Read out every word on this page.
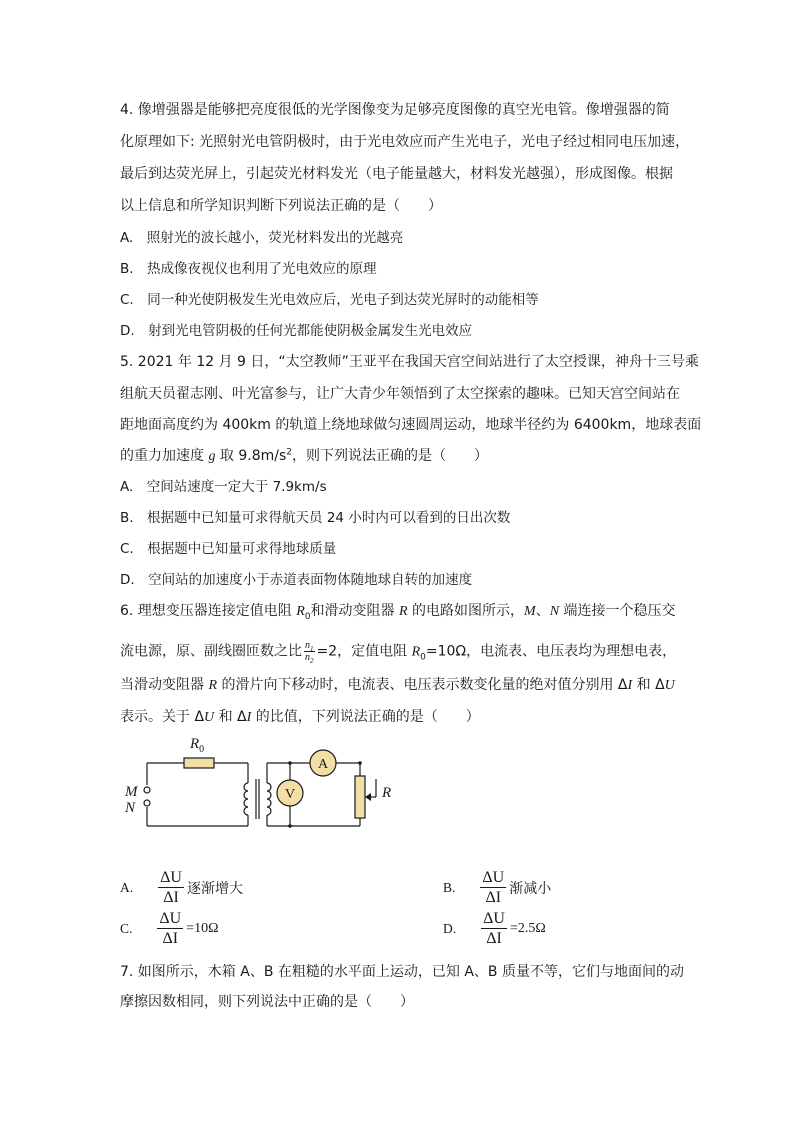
4. 像增强器是能够把亮度很低的光学图像变为足够亮度图像的真空光电管。像增强器的简

化原理如下: 光照射光电管阴极时，由于光电效应而产生光电子，光电子经过相同电压加速，

最后到达荧光屏上，引起荧光材料发光（电子能量越大，材料发光越强），形成图像。根据

以上信息和所学知识判断下列说法正确的是（　　）

A.　照射光的波长越小，荧光材料发出的光越亮

B.　热成像夜视仪也利用了光电效应的原理

C.　同一种光使阴极发生光电效应后，光电子到达荧光屏时的动能相等

D.　射到光电管阴极的任何光都能使阴极金属发生光电效应

5. 2021 年 12 月 9 日，“太空教师”王亚平在我国天宫空间站进行了太空授课，神舟十三号乘

组航天员翟志刚、叶光富参与，让广大青少年领悟到了太空探索的趣味。已知天宫空间站在

距地面高度约为 400km 的轨道上绕地球做匀速圆周运动，地球半径约为 6400km，地球表面

的重力加速度 g 取 $9.8m/s^2$，则下列说法正确的是（　　）

A.　空间站速度一定大于 7.9km/s

B.　根据题中已知量可求得航天员 24 小时内可以看到的日出次数

C.　根据题中已知量可求得地球质量

D.　空间站的加速度小于赤道表面物体随地球自转的加速度

6. 理想变压器连接定值电阻 $R_0$和滑动变阻器 R 的电路如图所示，M、N 端连接一个稳压交

流电源，原、副线圈匝数之比 $\frac{n_1}{n_2} =2$，定值电阻 $R_0=10\Omega$，电流表、电压表均为理想电表，

当滑动变阻器 R 的滑片向下移动时，电流表、电压表示数变化量的绝对值分别用 ΔI 和 ΔU

表示。关于 ΔU 和 ΔI 的比值，下列说法正确的是（　　）

$R_0$
M
N
A
V	R
A. $\frac{\Delta U}{\Delta I}$ 逐渐增大	B. $\frac{\Delta U}{\Delta I}$ 渐减小
C. $\frac{\Delta U}{\Delta I} =10\Omega$	D. $\frac{\Delta U}{\Delta I} =2.5\Omega$

7. 如图所示，木箱 A、B 在粗糙的水平面上运动，已知 A、B 质量不等，它们与地面间的动

摩擦因数相同，则下列说法中正确的是（　　）
